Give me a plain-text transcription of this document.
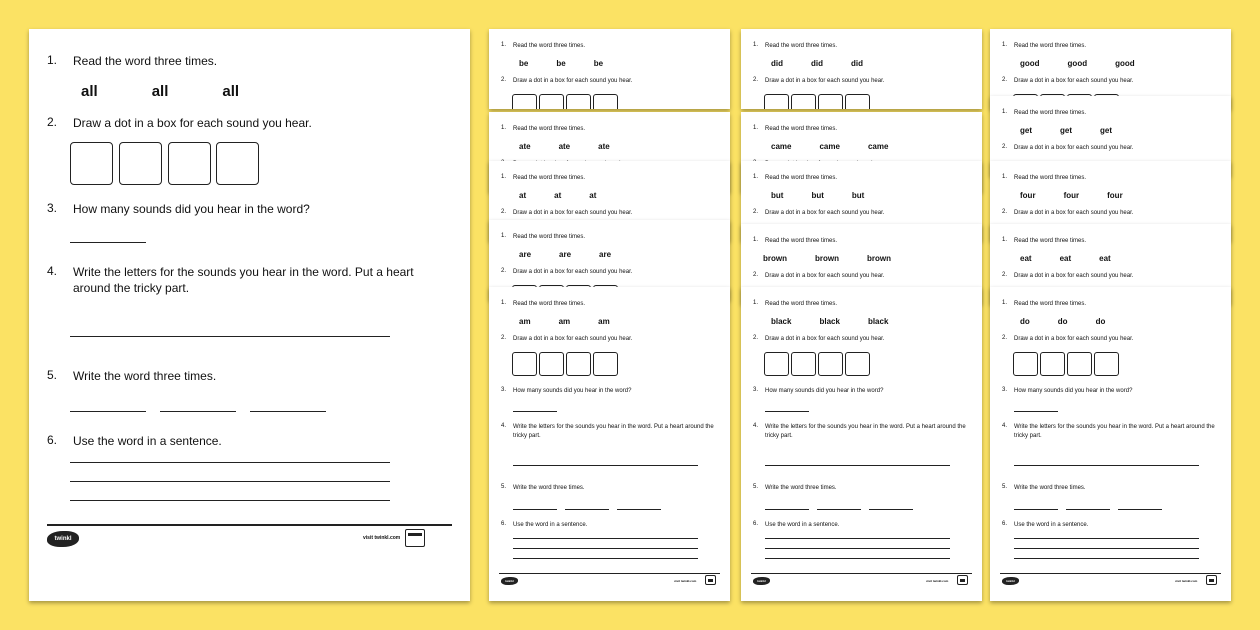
1.	Read the word three times.
all	all	all
2.	Draw a dot in a box for each sound you hear.
3.	How many sounds did you hear in the word?
4.	Write the letters for the sounds you hear in the word. Put a heart around the tricky part.
5.	Write the word three times.
6.	Use the word in a sentence.
twinkl	visit twinkl.com
1. Read the word three times.
be	be	be
2. Draw a dot in a box for each sound you hear.
1. Read the word three times.
ate	ate	ate
1. Read the word three times.
at	at	at
2. Draw a dot in a box for each sound you hear.
1. Read the word three times.
are	are	are
2. Draw a dot in a box for each sound you hear.
1. Read the word three times.
am	am	am
2. Draw a dot in a box for each sound you hear.
3. How many sounds did you hear in the word?
4. Write the letters for the sounds you hear in the word. Put a heart around the tricky part.
5. Write the word three times.
6. Use the word in a sentence.
twinkl	visit twinkl.com
1. Read the word three times.
did	did	did
2. Draw a dot in a box for each sound you hear.
1. Read the word three times.
came	came	came
1. Read the word three times.
but	but	but
2. Draw a dot in a box for each sound you hear.
1. Read the word three times.
brown	brown	brown
2. Draw a dot in a box for each sound you hear.
1. Read the word three times.
black	black	black
2. Draw a dot in a box for each sound you hear.
3. How many sounds did you hear in the word?
4. Write the letters for the sounds you hear in the word. Put a heart around the tricky part.
5. Write the word three times.
6. Use the word in a sentence.
twinkl	visit twinkl.com
1. Read the word three times.
good	good	good
2. Draw a dot in a box for each sound you hear.
1. Read the word three times.
get	get	get
2. Draw a dot in a box for each sound you hear.
1. Read the word three times.
four	four	four
2. Draw a dot in a box for each sound you hear.
1. Read the word three times.
eat	eat	eat
2. Draw a dot in a box for each sound you hear.
1. Read the word three times.
do	do	do
2. Draw a dot in a box for each sound you hear.
3. How many sounds did you hear in the word?
4. Write the letters for the sounds you hear in the word. Put a heart around the tricky part.
5. Write the word three times.
6. Use the word in a sentence.
twinkl	visit twinkl.com
